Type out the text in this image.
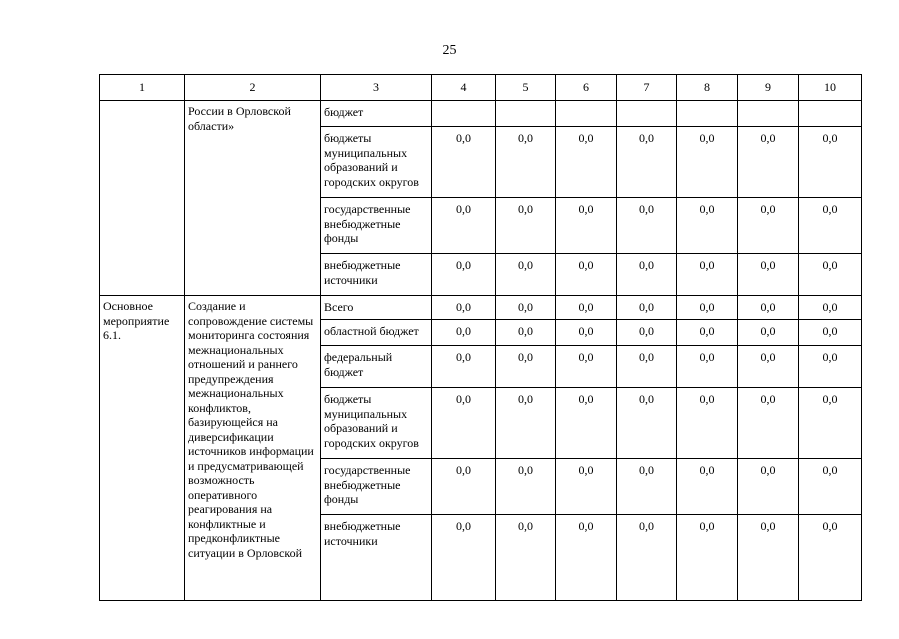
25
1	2	3	4	5	6	7	8	9	10
	России в Орловской области»	бюджет							
		бюджеты муниципальных образований и городских округов	0,0	0,0	0,0	0,0	0,0	0,0	0,0
		государственные внебюджетные фонды	0,0	0,0	0,0	0,0	0,0	0,0	0,0
		внебюджетные источники	0,0	0,0	0,0	0,0	0,0	0,0	0,0
Основное мероприятие 6.1.	Создание и сопровождение системы мониторинга состояния межнациональных отношений и раннего предупреждения межнациональных конфликтов, базирующейся на диверсификации источников информации и предусматривающей возможность оперативного реагирования на конфликтные и предконфликтные ситуации в Орловской	Всего	0,0	0,0	0,0	0,0	0,0	0,0	0,0
		областной бюджет	0,0	0,0	0,0	0,0	0,0	0,0	0,0
		федеральный бюджет	0,0	0,0	0,0	0,0	0,0	0,0	0,0
		бюджеты муниципальных образований и городских округов	0,0	0,0	0,0	0,0	0,0	0,0	0,0
		государственные внебюджетные фонды	0,0	0,0	0,0	0,0	0,0	0,0	0,0
		внебюджетные источники	0,0	0,0	0,0	0,0	0,0	0,0	0,0
